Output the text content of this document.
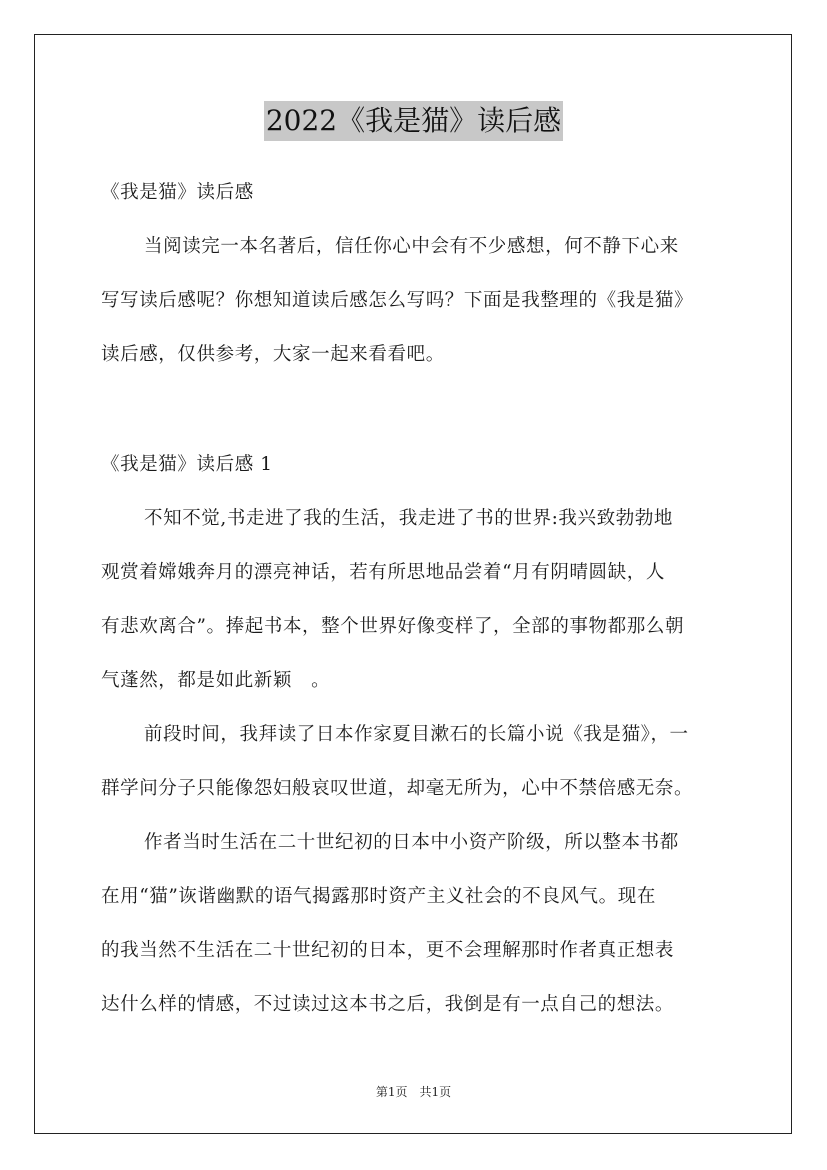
2022《我是猫》读后感
《我是猫》读后感
当阅读完一本名著后，信任你心中会有不少感想，何不静下心来
写写读后感呢？你想知道读后感怎么写吗？下面是我整理的《我是猫》
读后感，仅供参考，大家一起来看看吧。
《我是猫》读后感 1
不知不觉,书走进了我的生活，我走进了书的世界:我兴致勃勃地
观赏着嫦娥奔月的漂亮神话，若有所思地品尝着“月有阴晴圆缺，人
有悲欢离合”。捧起书本，整个世界好像变样了，全部的事物都那么朝
气蓬然，都是如此新颖　。
前段时间，我拜读了日本作家夏目漱石的长篇小说《我是猫》，一
群学问分子只能像怨妇般哀叹世道，却毫无所为，心中不禁倍感无奈。
作者当时生活在二十世纪初的日本中小资产阶级，所以整本书都
在用“猫”诙谐幽默的语气揭露那时资产主义社会的不良风气。现在
的我当然不生活在二十世纪初的日本，更不会理解那时作者真正想表
达什么样的情感，不过读过这本书之后，我倒是有一点自己的想法。
第1页　共1页
